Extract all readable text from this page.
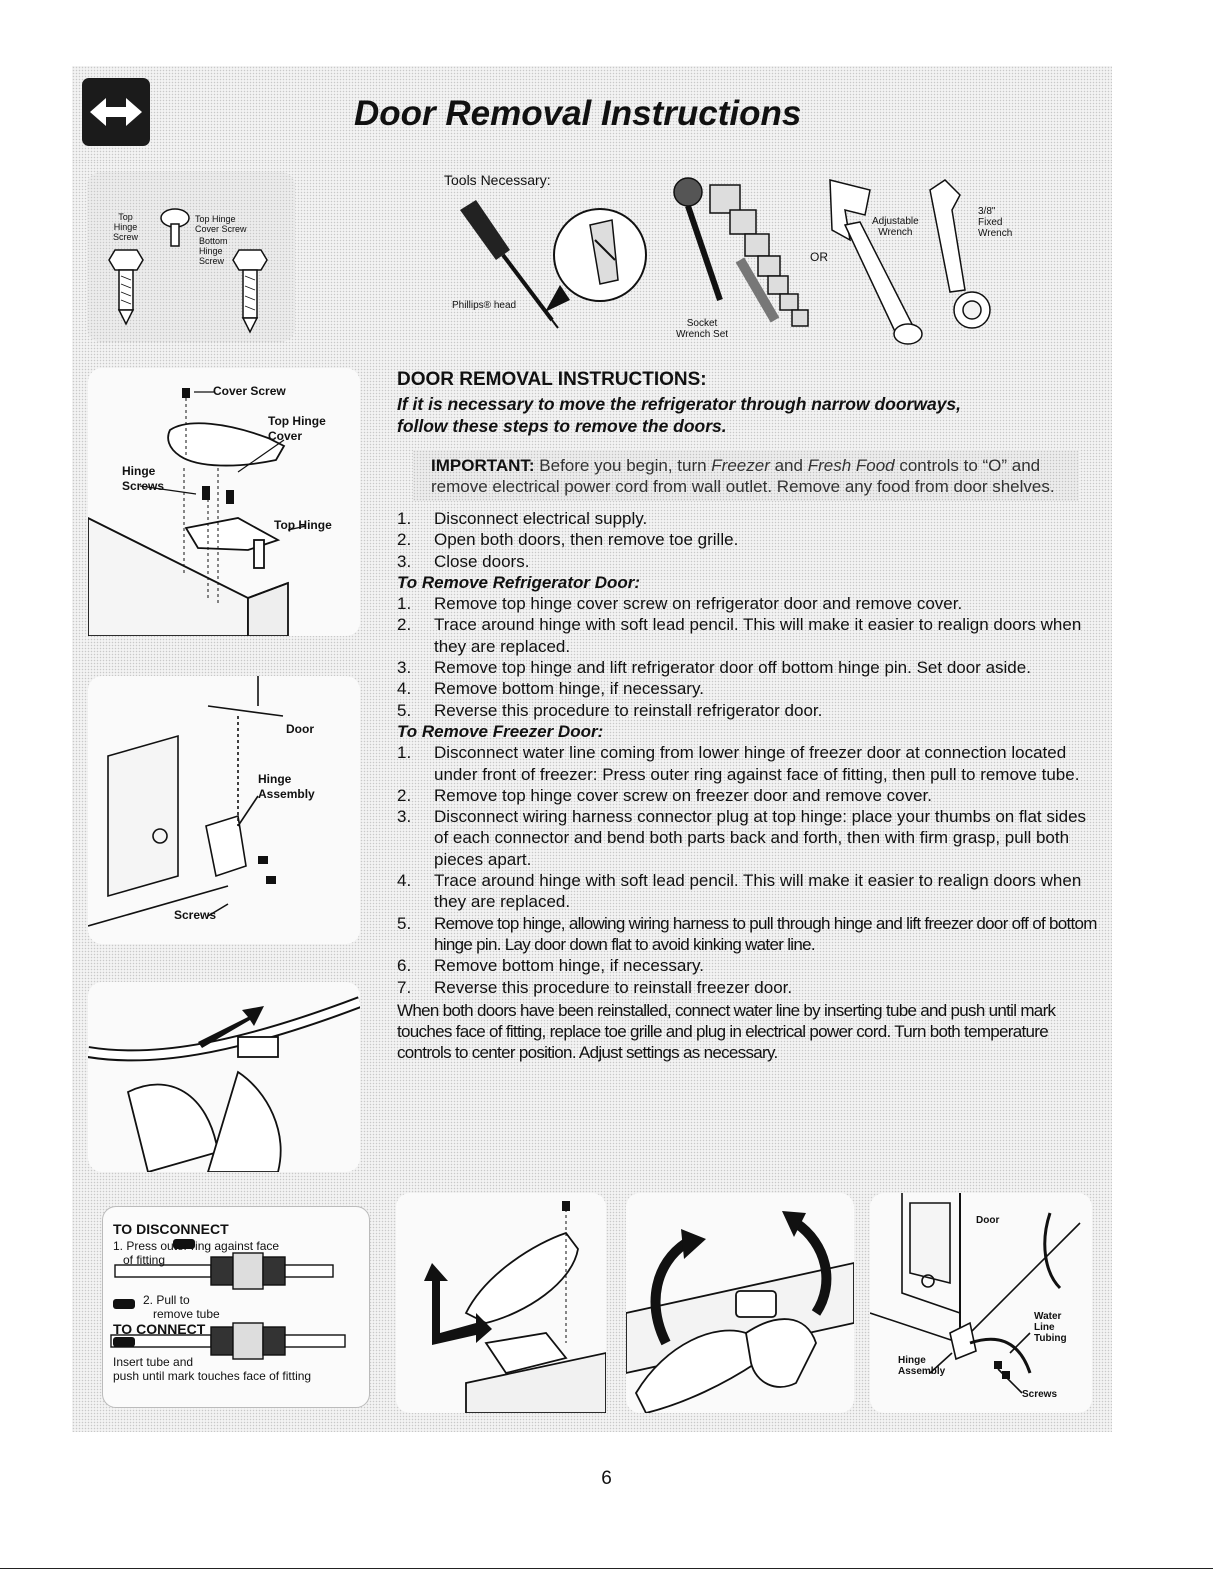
Door Removal Instructions
Top
Hinge
Screw
Top Hinge
Cover Screw
Bottom
Hinge
Screw
Tools Necessary:
Phillips® head
Socket
Wrench Set
OR
Adjustable
Wrench
3/8"
Fixed
Wrench
Cover Screw
Top Hinge
Cover
Hinge
Screws
Top Hinge
Door
Hinge
Assembly
Screws
DOOR REMOVAL INSTRUCTIONS:

If it is necessary to move the refrigerator through narrow doorways,
follow these steps to remove the doors.

IMPORTANT: Before you begin, turn Freezer and Fresh Food controls to “O” and remove electrical power cord from wall outlet. Remove any food from door shelves.
1. Disconnect electrical supply.
2. Open both doors, then remove toe grille.
3. Close doors.

To Remove Refrigerator Door:

1. Remove top hinge cover screw on refrigerator door and remove cover.
2. Trace around hinge with soft lead pencil. This will make it easier to realign doors when they are replaced.
3. Remove top hinge and lift refrigerator door off bottom hinge pin. Set door aside.
4. Remove bottom hinge, if necessary.
5. Reverse this procedure to reinstall refrigerator door.

To Remove Freezer Door:

1. Disconnect water line coming from lower hinge of freezer door at connection located under front of freezer: Press outer ring against face of fitting, then pull to remove tube.
2. Remove top hinge cover screw on freezer door and remove cover.
3. Disconnect wiring harness connector plug at top hinge: place your thumbs on flat sides of each connector and bend both parts back and forth, then with firm grasp, pull both pieces apart.
4. Trace around hinge with soft lead pencil. This will make it easier to realign doors when they are replaced.
5. Remove top hinge, allowing wiring harness to pull through hinge and lift freezer door off of bottom hinge pin. Lay door down flat to avoid kinking water line.
6. Remove bottom hinge, if necessary.
7. Reverse this procedure to reinstall freezer door.

When both doors have been reinstalled, connect water line by inserting tube and push until mark touches face of fitting, replace toe grille and plug in electrical power cord. Turn both temperature controls to center position. Adjust settings as necessary.

TO DISCONNECT
1. Press outer ring against face
of fitting
2. Pull to
remove tube
TO CONNECT
Insert tube and
push until mark touches face of fitting
Door
Water
Line
Tubing
Hinge
Assembly
Screws
6
